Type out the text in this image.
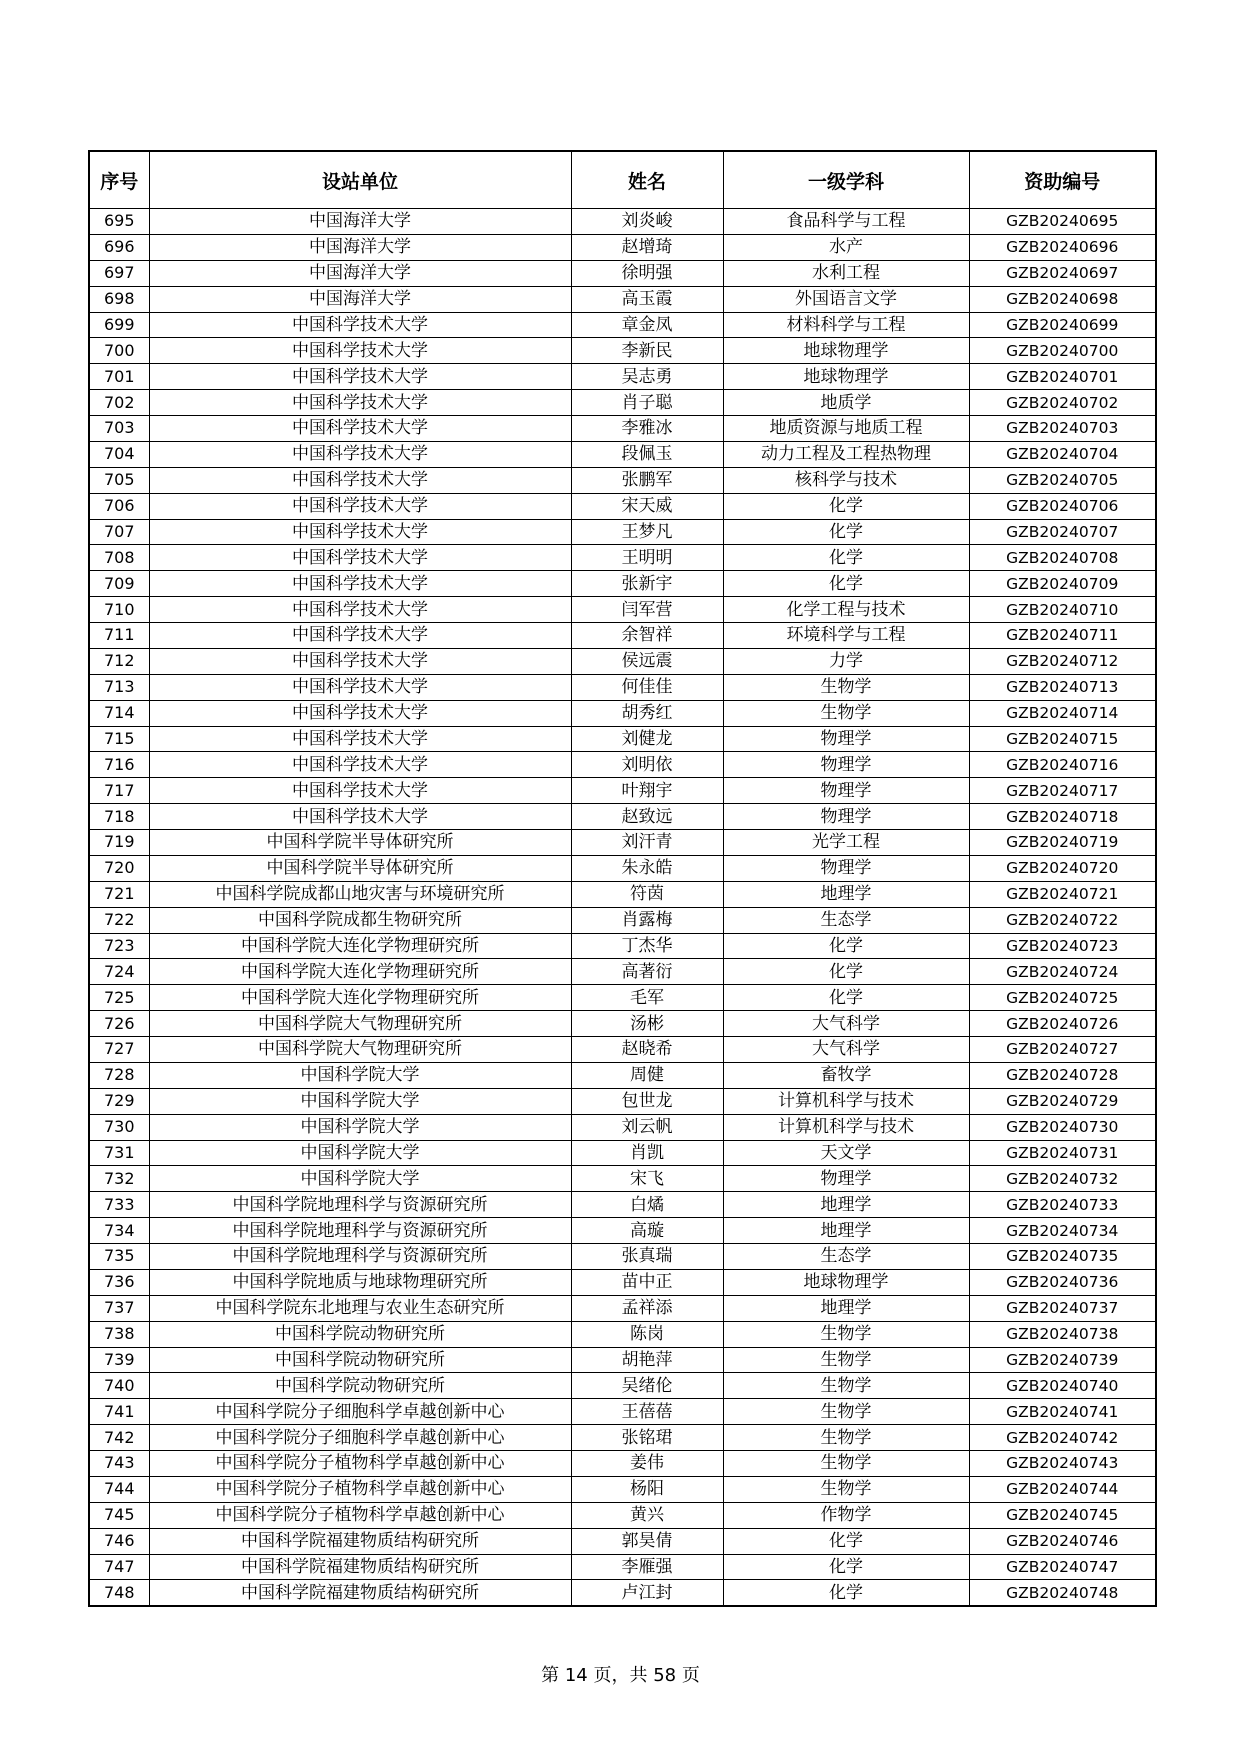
序号	设站单位	姓名	一级学科	资助编号
695	中国海洋大学	刘炎峻	食品科学与工程	GZB20240695
696	中国海洋大学	赵增琦	水产	GZB20240696
697	中国海洋大学	徐明强	水利工程	GZB20240697
698	中国海洋大学	高玉霞	外国语言文学	GZB20240698
699	中国科学技术大学	章金凤	材料科学与工程	GZB20240699
700	中国科学技术大学	李新民	地球物理学	GZB20240700
701	中国科学技术大学	吴志勇	地球物理学	GZB20240701
702	中国科学技术大学	肖子聪	地质学	GZB20240702
703	中国科学技术大学	李雅冰	地质资源与地质工程	GZB20240703
704	中国科学技术大学	段佩玉	动力工程及工程热物理	GZB20240704
705	中国科学技术大学	张鹏军	核科学与技术	GZB20240705
706	中国科学技术大学	宋天威	化学	GZB20240706
707	中国科学技术大学	王梦凡	化学	GZB20240707
708	中国科学技术大学	王明明	化学	GZB20240708
709	中国科学技术大学	张新宇	化学	GZB20240709
710	中国科学技术大学	闫军营	化学工程与技术	GZB20240710
711	中国科学技术大学	余智祥	环境科学与工程	GZB20240711
712	中国科学技术大学	侯远震	力学	GZB20240712
713	中国科学技术大学	何佳佳	生物学	GZB20240713
714	中国科学技术大学	胡秀红	生物学	GZB20240714
715	中国科学技术大学	刘健龙	物理学	GZB20240715
716	中国科学技术大学	刘明依	物理学	GZB20240716
717	中国科学技术大学	叶翔宇	物理学	GZB20240717
718	中国科学技术大学	赵致远	物理学	GZB20240718
719	中国科学院半导体研究所	刘汗青	光学工程	GZB20240719
720	中国科学院半导体研究所	朱永皓	物理学	GZB20240720
721	中国科学院成都山地灾害与环境研究所	符茵	地理学	GZB20240721
722	中国科学院成都生物研究所	肖露梅	生态学	GZB20240722
723	中国科学院大连化学物理研究所	丁杰华	化学	GZB20240723
724	中国科学院大连化学物理研究所	高著衍	化学	GZB20240724
725	中国科学院大连化学物理研究所	毛军	化学	GZB20240725
726	中国科学院大气物理研究所	汤彬	大气科学	GZB20240726
727	中国科学院大气物理研究所	赵晓希	大气科学	GZB20240727
728	中国科学院大学	周健	畜牧学	GZB20240728
729	中国科学院大学	包世龙	计算机科学与技术	GZB20240729
730	中国科学院大学	刘云帆	计算机科学与技术	GZB20240730
731	中国科学院大学	肖凯	天文学	GZB20240731
732	中国科学院大学	宋飞	物理学	GZB20240732
733	中国科学院地理科学与资源研究所	白燏	地理学	GZB20240733
734	中国科学院地理科学与资源研究所	高璇	地理学	GZB20240734
735	中国科学院地理科学与资源研究所	张真瑞	生态学	GZB20240735
736	中国科学院地质与地球物理研究所	苗中正	地球物理学	GZB20240736
737	中国科学院东北地理与农业生态研究所	孟祥添	地理学	GZB20240737
738	中国科学院动物研究所	陈岗	生物学	GZB20240738
739	中国科学院动物研究所	胡艳萍	生物学	GZB20240739
740	中国科学院动物研究所	吴绪伦	生物学	GZB20240740
741	中国科学院分子细胞科学卓越创新中心	王蓓蓓	生物学	GZB20240741
742	中国科学院分子细胞科学卓越创新中心	张铭珺	生物学	GZB20240742
743	中国科学院分子植物科学卓越创新中心	姜伟	生物学	GZB20240743
744	中国科学院分子植物科学卓越创新中心	杨阳	生物学	GZB20240744
745	中国科学院分子植物科学卓越创新中心	黄兴	作物学	GZB20240745
746	中国科学院福建物质结构研究所	郭昊倩	化学	GZB20240746
747	中国科学院福建物质结构研究所	李雁强	化学	GZB20240747
748	中国科学院福建物质结构研究所	卢江封	化学	GZB20240748
第 14 页，共 58 页
